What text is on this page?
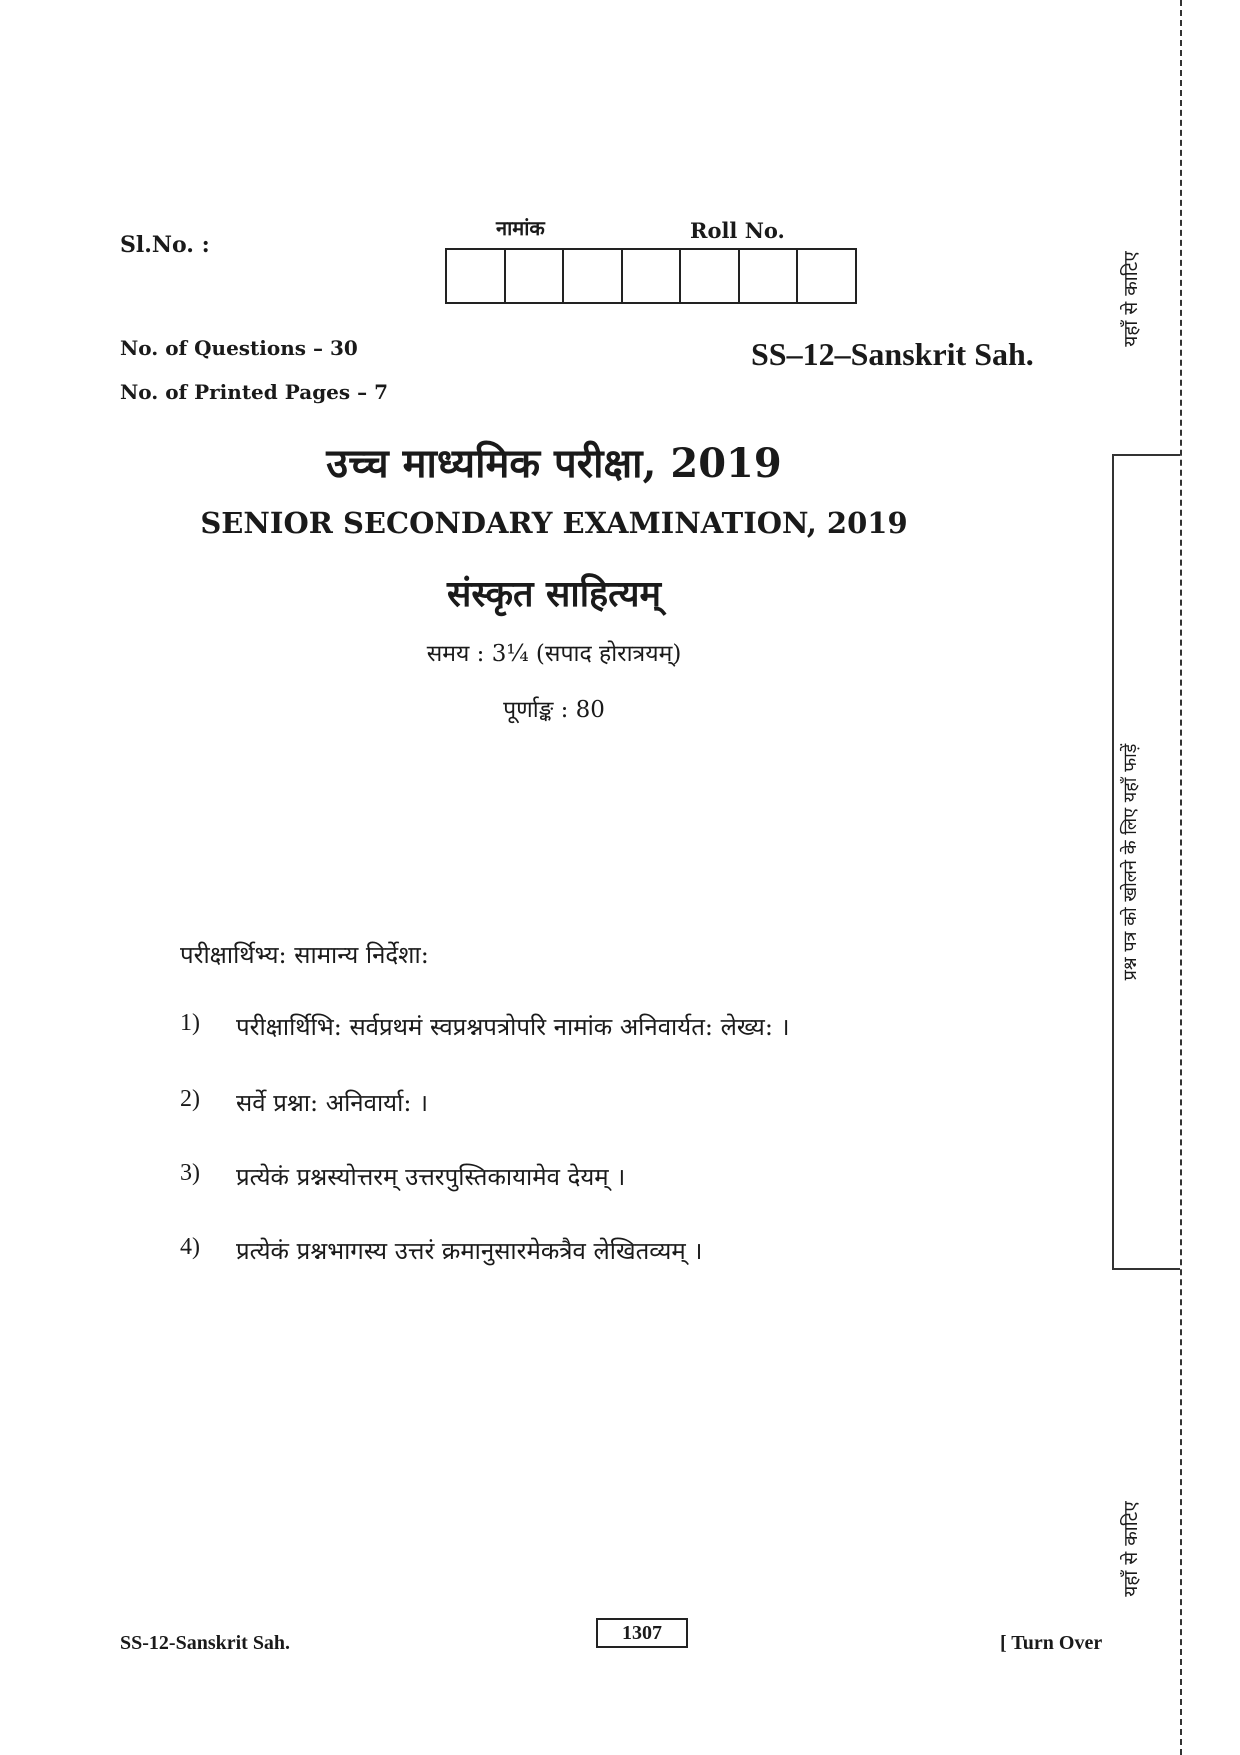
Sl.No. :
नामांक	Roll No.
No. of Questions – 30
No. of Printed Pages – 7
SS–12–Sanskrit Sah.
उच्च माध्यमिक परीक्षा, 2019
SENIOR SECONDARY EXAMINATION, 2019
संस्कृत साहित्यम्
समय : 3¼ (सपाद होरात्रयम्)
पूर्णाङ्क : 80
परीक्षार्थिभ्य: सामान्य निर्देशा:
1)	परीक्षार्थिभि: सर्वप्रथमं स्वप्रश्नपत्रोपरि नामांक अनिवार्यत: लेख्य: ।
2)	सर्वे प्रश्ना: अनिवार्या: ।
3)	प्रत्येकं प्रश्नस्योत्तरम् उत्तरपुस्तिकायामेव देयम् ।
4)	प्रत्येकं प्रश्नभागस्य उत्तरं क्रमानुसारमेकत्रैव लेखितव्यम् ।
SS-12-Sanskrit Sah.	1307	[ Turn Over
यहाँ से काटिए
प्रश्न पत्र को खोलने के लिए यहाँ फाड़ें
यहाँ से काटिए
